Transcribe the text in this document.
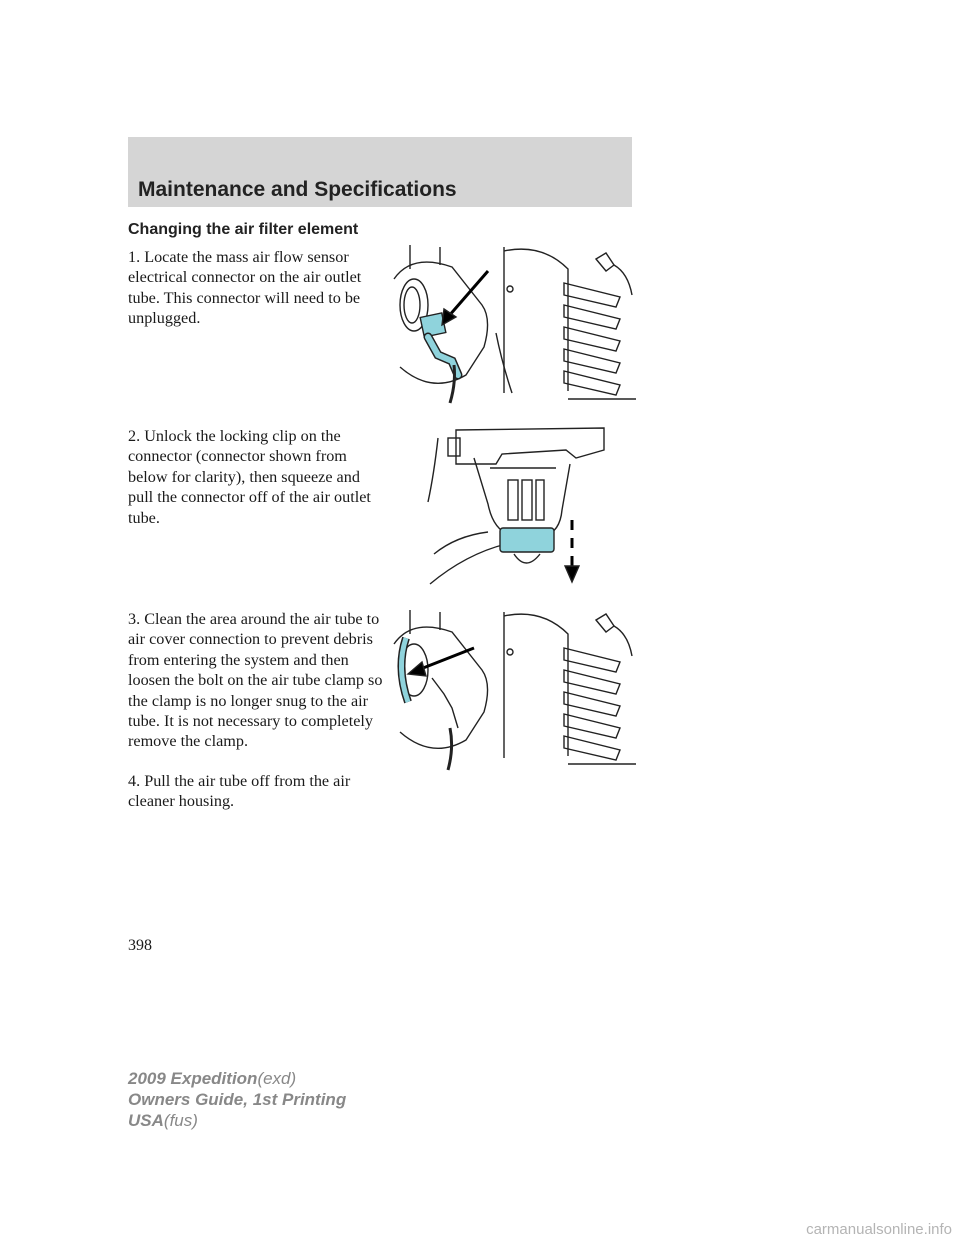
Maintenance and Specifications
Changing the air filter element

1. Locate the mass air flow sensor electrical connector on the air outlet tube. This connector will need to be unplugged.

2. Unlock the locking clip on the connector (connector shown from below for clarity), then squeeze and pull the connector off of the air outlet tube.

3. Clean the area around the air tube to air cover connection to prevent debris from entering the system and then loosen the bolt on the air tube clamp so the clamp is no longer snug to the air tube. It is not necessary to completely remove the clamp.

4. Pull the air tube off from the air cleaner housing.

398
2009 Expedition(exd)
Owners Guide, 1st Printing
USA(fus)
carmanualsonline.info
